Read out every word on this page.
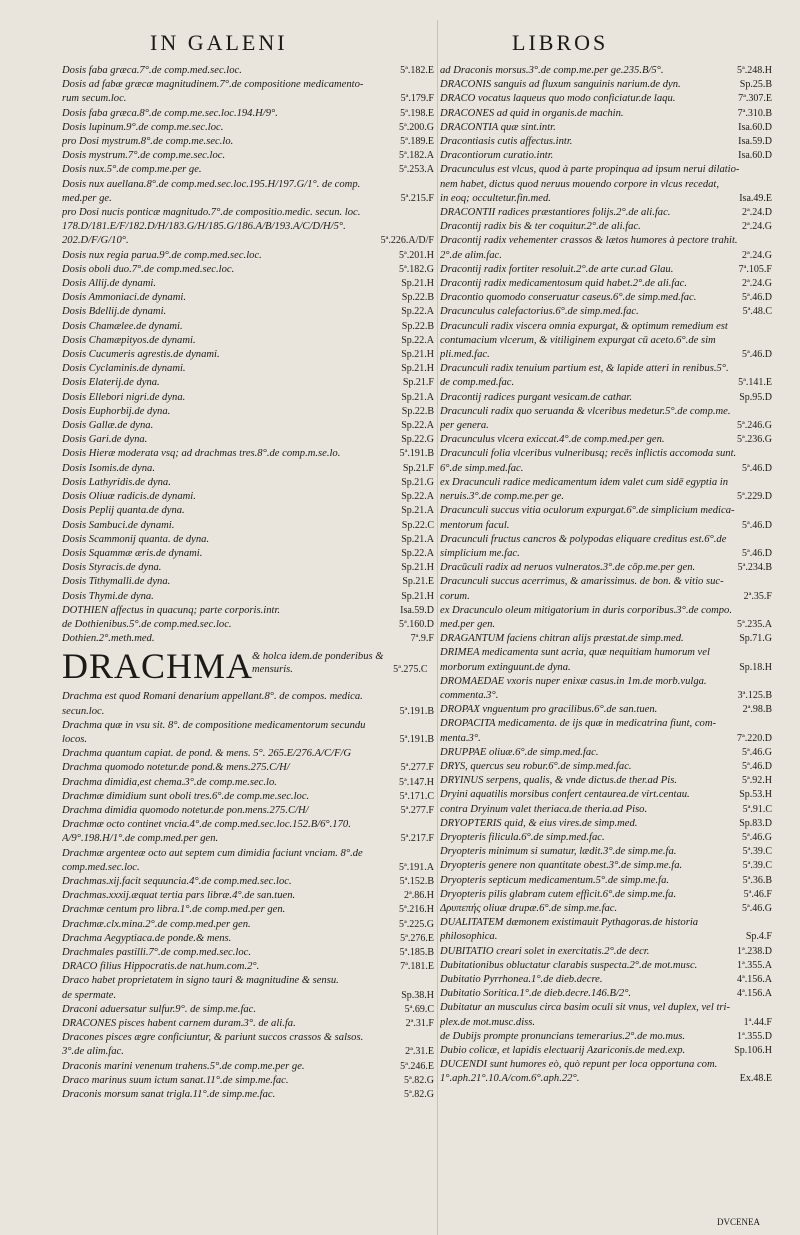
IN GALENI	LIBROS
Dosis faba græca.7°.de comp.med.sec.loc.	5ª.182.E
Dosis ad fabæ græcæ magnitudinem.7°.de compositione medicamento-
rum secum.loc.	5ª.179.F
Dosis faba græca.8°.de comp.me.sec.loc.194.H/9°.	5ª.198.E
Dosis lupinum.9°.de comp.me.sec.loc.	5ª.200.G
pro Dosi mystrum.8°.de comp.me.sec.lo.	5ª.189.E
Dosis mystrum.7°.de comp.me.sec.loc.	5ª.182.A
Dosis nux.5°.de comp.me.per ge.	5ª.253.A
Dosis nux auellana.8°.de comp.med.sec.loc.195.H/197.G/1°. de comp.
med.per ge.	5ª.215.F
pro Dosi nucis ponticæ magnitudo.7°.de compositio.medic. secun. loc.
178.D/181.E/F/182.D/H/183.G/H/185.G/186.A/B/193.A/C/D/H/5°.
202.D/F/G/10°.	5ª.226.A/D/F
Dosis nux regia parua.9°.de comp.med.sec.loc.	5ª.201.H
Dosis oboli duo.7°.de comp.med.sec.loc.	5ª.182.G
Dosis Allij.de dynami.	Sp.21.H
Dosis Ammoniaci.de dynami.	Sp.22.B
Dosis Bdellij.de dynami.	Sp.22.A
Dosis Chamælee.de dynami.	Sp.22.B
Dosis Chamæpityos.de dynami.	Sp.22.A
Dosis Cucumeris agrestis.de dynami.	Sp.21.H
Dosis Cyclaminis.de dynami.	Sp.21.H
Dosis Elaterij.de dyna.	Sp.21.F
Dosis Ellebori nigri.de dyna.	Sp.21.A
Dosis Euphorbij.de dyna.	Sp.22.B
Dosis Gallæ.de dyna.	Sp.22.A
Dosis Gari.de dyna.	Sp.22.G
Dosis Hieræ moderata vsq; ad drachmas tres.8°.de comp.m.se.lo.	5ª.191.B
Dosis Isomis.de dyna.	Sp.21.F
Dosis Lathyridis.de dyna.	Sp.21.G
Dosis Oliuæ radicis.de dynami.	Sp.22.A
Dosis Peplij quanta.de dyna.	Sp.21.A
Dosis Sambuci.de dynami.	Sp.22.C
Dosis Scammonij quanta. de dyna.	Sp.21.A
Dosis Squammæ æris.de dynami.	Sp.22.A
Dosis Styracis.de dyna.	Sp.21.H
Dosis Tithymalli.de dyna.	Sp.21.E
Dosis Thymi.de dyna.	Sp.21.H
DOTHIEN affectus in quacunq; parte corporis.intr.	Isa.59.D
de Dothienibus.5°.de comp.med.sec.loc.	5ª.160.D
Dothien.2°.meth.med.	7ª.9.F
DRACHMA
& holca idem.de ponderibus &
mensuris.	5ª.275.C
Drachma est quod Romani denarium appellant.8°. de compos. medica.
secun.loc.	5ª.191.B
Drachma quæ in vsu sit. 8°. de compositione medicamentorum secundu
locos.	5ª.191.B
Drachma quantum capiat. de pond. & mens. 5°. 265.E/276.A/C/F/G
Drachma quomodo notetur.de pond.& mens.275.C/H/	5ª.277.F
Drachma dimidia,est chema.3°.de comp.me.sec.lo.	5ª.147.H
Drachmæ dimidium sunt oboli tres.6°.de comp.me.sec.loc.	5ª.171.C
Drachma dimidia quomodo notetur.de pon.mens.275.C/H/	5ª.277.F
Drachmæ octo continet vncia.4°.de comp.med.sec.loc.152.B/6°.170.
A/9°.198.H/1°.de comp.med.per gen.	5ª.217.F
Drachmæ argenteæ octo aut septem cum dimidia faciunt vnciam. 8°.de
comp.med.sec.loc.	5ª.191.A
Drachmas.xij.facit sequuncia.4°.de comp.med.sec.loc.	5ª.152.B
Drachmas.xxxij.æquat tertia pars libræ.4°.de san.tuen.	2ª.86.H
Drachmæ centum pro libra.1°.de comp.med.per gen.	5ª.216.H
Drachmæ.clx.mina.2°.de comp.med.per gen.	5ª.225.G
Drachma Aegyptiaca.de ponde.& mens.	5ª.276.E
Drachmales pastilli.7°.de comp.med.sec.loc.	5ª.185.B
DRACO filius Hippocratis.de nat.hum.com.2°.	7ª.181.E
Draco habet proprietatem in signo tauri & magnitudine & sensu.
de spermate.	Sp.38.H
Draconi aduersatur sulfur.9°. de simp.me.fac.	5ª.69.C
DRACONES pisces habent carnem duram.3°. de ali.fa.	2ª.31.F
Dracones pisces ægre conficiuntur, & pariunt succos crassos & salsos.
3°.de alim.fac.	2ª.31.E
Draconis marini venenum trahens.5°.de comp.me.per ge.	5ª.246.E
Draco marinus suum ictum sanat.11°.de simp.me.fac.	5ª.82.G
Draconis morsum sanat trigla.11°.de simp.me.fac.	5ª.82.G
ad Draconis morsus.3°.de comp.me.per ge.235.B/5°.	5ª.248.H
DRACONIS sanguis ad fluxum sanguinis narium.de dyn.	Sp.25.B
DRACO vocatus laqueus quo modo conficiatur.de laqu.	7ª.307.E
DRACONES ad quid in organis.de machin.	7ª.310.B
DRACONTIA quæ sint.intr.	Isa.60.D
Dracontiasis cutis affectus.intr.	Isa.59.D
Dracontiorum curatio.intr.	Isa.60.D
Dracunculus est vlcus, quod à parte propinqua ad ipsum nerui dilatio-
nem habet, dictus quod neruus mouendo corpore in vlcus recedat,
in eoq; occultetur.fin.med.	Isa.49.E
DRACONTII radices præstantiores folijs.2°.de ali.fac.	2ª.24.D
Dracontij radix bis & ter coquitur.2°.de ali.fac.	2ª.24.G
Dracontij radix vehementer crassos & lætos humores à pectore trahit.
2°.de alim.fac.	2ª.24.G
Dracontij radix fortiter resoluit.2°.de arte cur.ad Glau.	7ª.105.F
Dracontij radix medicamentosum quid habet.2°.de ali.fac.	2ª.24.G
Dracontio quomodo conseruatur caseus.6°.de simp.med.fac.	5ª.46.D
Dracunculus calefactorius.6°.de simp.med.fac.	5ª.48.C
Dracunculi radix viscera omnia expurgat, & optimum remedium est
contumacium vlcerum, & vitiliginem expurgat cū aceto.6°.de sim
pli.med.fac.	5ª.46.D
Dracunculi radix tenuium partium est, & lapide atteri in renibus.5°.
de comp.med.fac.	5ª.141.E
Dracontij radices purgant vesicam.de cathar.	Sp.95.D
Dracunculi radix quo seruanda & vlceribus medetur.5°.de comp.me.
per genera.	5ª.246.G
Dracunculus vlcera exiccat.4°.de comp.med.per gen.	5ª.236.G
Dracunculi folia vlceribus vulneribusq; recēs inflictis accomoda sunt.
6°.de simp.med.fac.	5ª.46.D
ex Dracunculi radice medicamentum idem valet cum sidē egyptia in
neruis.3°.de comp.me.per ge.	5ª.229.D
Dracunculi succus vitia oculorum expurgat.6°.de simplicium medica-
mentorum facul.	5ª.46.D
Dracunculi fructus cancros & polypodas eliquare creditus est.6°.de
simplicium me.fac.	5ª.46.D
Dracūculi radix ad neruos vulneratos.3°.de cōp.me.per gen.	5ª.234.B
Dracunculi succus acerrimus, & amarissimus. de bon. & vitio suc-
corum.	2ª.35.F
ex Dracunculo oleum mitigatorium in duris corporibus.3°.de compo.
med.per gen.	5ª.235.A
DRAGANTUM faciens chitran alijs præstat.de simp.med.	Sp.71.G
DRIMEA medicamenta sunt acria, quæ nequitiam humorum vel
morborum extinguunt.de dyna.	Sp.18.H
DROMAEDAE vxoris nuper enixæ casus.in 1m.de morb.vulga.
commenta.3°.	3ª.125.B
DROPAX vnguentum pro gracilibus.6°.de san.tuen.	2ª.98.B
DROPACITA medicamenta. de ijs quæ in medicatrina fiunt, com-
menta.3°.	7ª.220.D
DRUPPAE oliuæ.6°.de simp.med.fac.	5ª.46.G
DRYS, quercus seu robur.6°.de simp.med.fac.	5ª.46.D
DRYINUS serpens, qualis, & vnde dictus.de ther.ad Pis.	5ª.92.H
Dryini aquatilis morsibus confert centaurea.de virt.centau.	Sp.53.H
contra Dryinum valet theriaca.de theria.ad Piso.	5ª.91.C
DRYOPTERIS quid, & eius vires.de simp.med.	Sp.83.D
Dryopteris filicula.6°.de simp.med.fac.	5ª.46.G
Dryopteris minimum si sumatur, lædit.3°.de simp.me.fa.	5ª.39.C
Dryopteris genere non quantitate obest.3°.de simp.me.fa.	5ª.39.C
Dryopteris septicum medicamentum.5°.de simp.me.fa.	5ª.36.B
Dryopteris pilis glabram cutem efficit.6°.de simp.me.fa.	5ª.46.F
Δρυπεπής oliuæ drupæ.6°.de simp.me.fac.	5ª.46.G
DUALITATEM dæmonem existimauit Pythagoras.de historia
philosophica.	Sp.4.F
DUBITATIO creari solet in exercitatis.2°.de decr.	1ª.238.D
Dubitationibus obluctatur clarabis suspecta.2°.de mot.musc.	1ª.355.A
Dubitatio Pyrrhonea.1°.de dieb.decre.	4ª.156.A
Dubitatio Soritica.1°.de dieb.decre.146.B/2°.	4ª.156.A
Dubitatur an musculus circa basim oculi sit vnus, vel duplex, vel tri-
plex.de mot.musc.diss.	1ª.44.F
de Dubijs prompte pronuncians temerarius.2°.de mo.mus.	1ª.355.D
Dubio colicæ, et lapidis electuarij Azariconis.de med.exp.	Sp.106.H
DUCENDI sunt humores eò, quò repunt per loca opportuna com.
1°.aph.21°.10.A/com.6°.aph.22°.	Ex.48.E
DVCENEA
